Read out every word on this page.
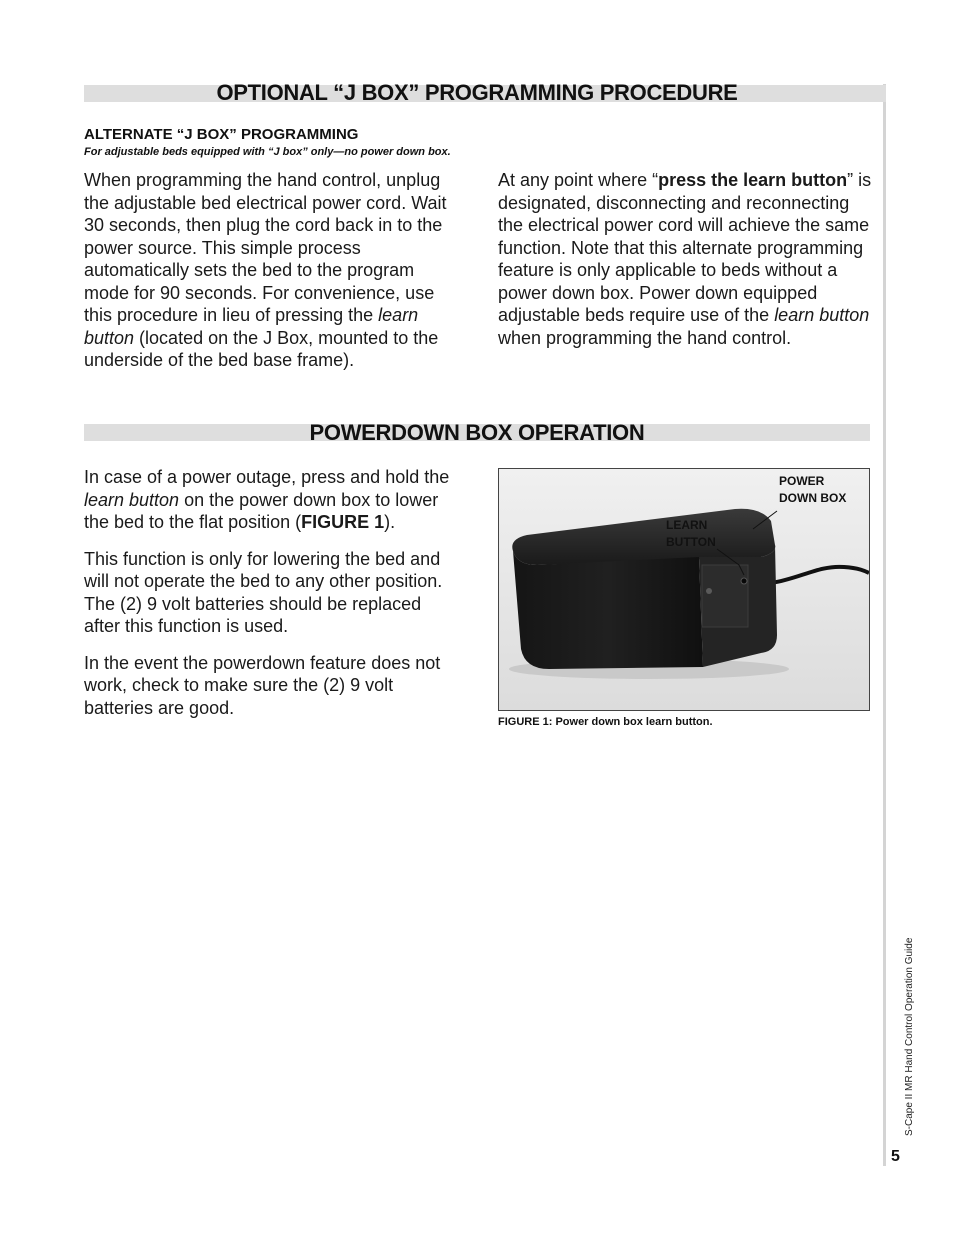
OPTIONAL “J BOX” PROGRAMMING PROCEDURE
ALTERNATE “J BOX” PROGRAMMING
For adjustable beds equipped with “J box” only—no power down box.

When programming the hand control, unplug the adjustable bed electrical power cord. Wait 30 seconds, then plug the cord back in to the power source. This simple process automatically sets the bed to the program mode for 90 seconds. For convenience, use this procedure in lieu of pressing the learn button (located on the J Box, mounted to the underside of the bed base frame).

At any point where “press the learn button” is designated, disconnecting and reconnecting the electrical power cord will achieve the same function. Note that this alternate programming feature is only applicable to beds without a power down box. Power down equipped adjustable beds require use of the learn button when programming the hand control.

POWERDOWN BOX OPERATION

In case of a power outage, press and hold the learn button on the power down box to lower the bed to the flat position (FIGURE 1).

This function is only for lowering the bed and will not operate the bed to any other position. The (2) 9 volt batteries should be replaced after this function is used.

In the event the powerdown feature does not work, check to make sure the (2) 9 volt batteries are good.

POWER
DOWN BOX
LEARN
BUTTON
FIGURE 1: Power down box learn button.
S-Cape II MR Hand Control Operation Guide
5
